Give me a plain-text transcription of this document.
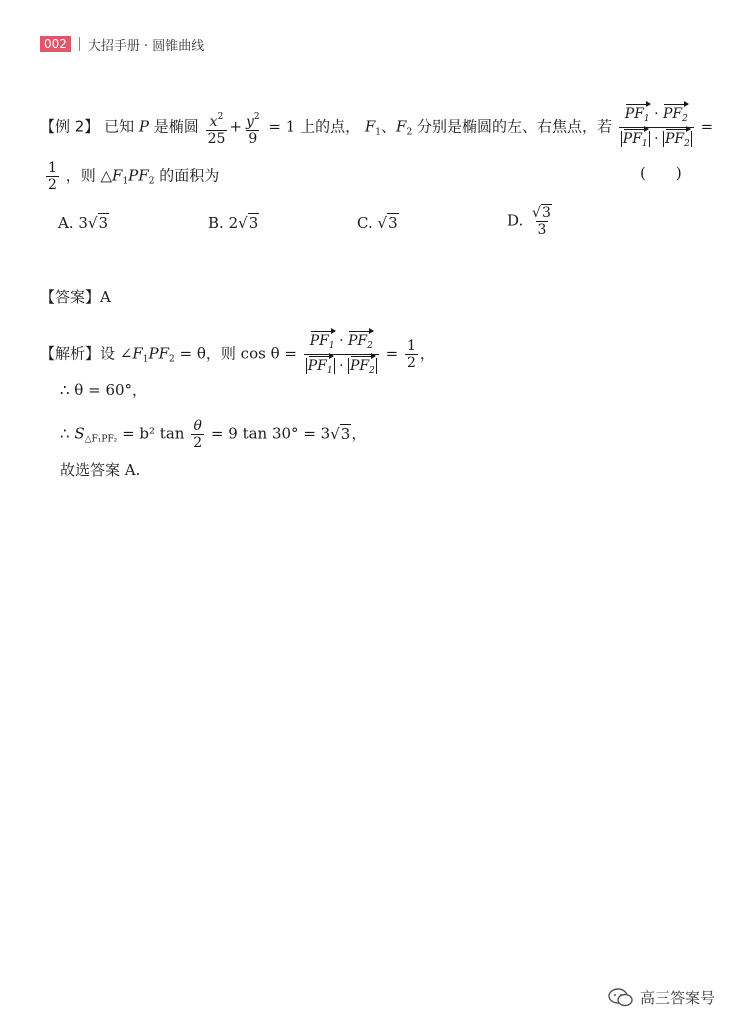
002	大招手册 · 圆锥曲线
【例 2】 已知 P 是椭圆 $\frac{x^2}{25} + \frac{y^2}{9} = 1$ 上的点， $F_1$、$F_2$ 分别是椭圆的左、右焦点，若 $\frac{PF_1 \cdot PF_2}{PF_1 \cdot PF_2}$ =
$\frac{1}{2}$ ，则 $\triangle F_1PF_2$ 的面积为	(　　)
A. 3√3	B. 2√3	C. √3	D. $\frac{√3}{3}$
【答案】A
【解析】设 $\angle F_1PF_2 = \theta$，则 $\cos \theta = \frac{PF_1 \cdot PF_2}{PF_1 \cdot PF_2} = \frac{1}{2}$ ，
∴ θ = 60°，
∴ $S_{\triangle F_1PF_2} = b^2$ $\tan \frac{\theta}{2} = 9$ tan 30° = 3√3，
故选答案 A.
高三答案号
